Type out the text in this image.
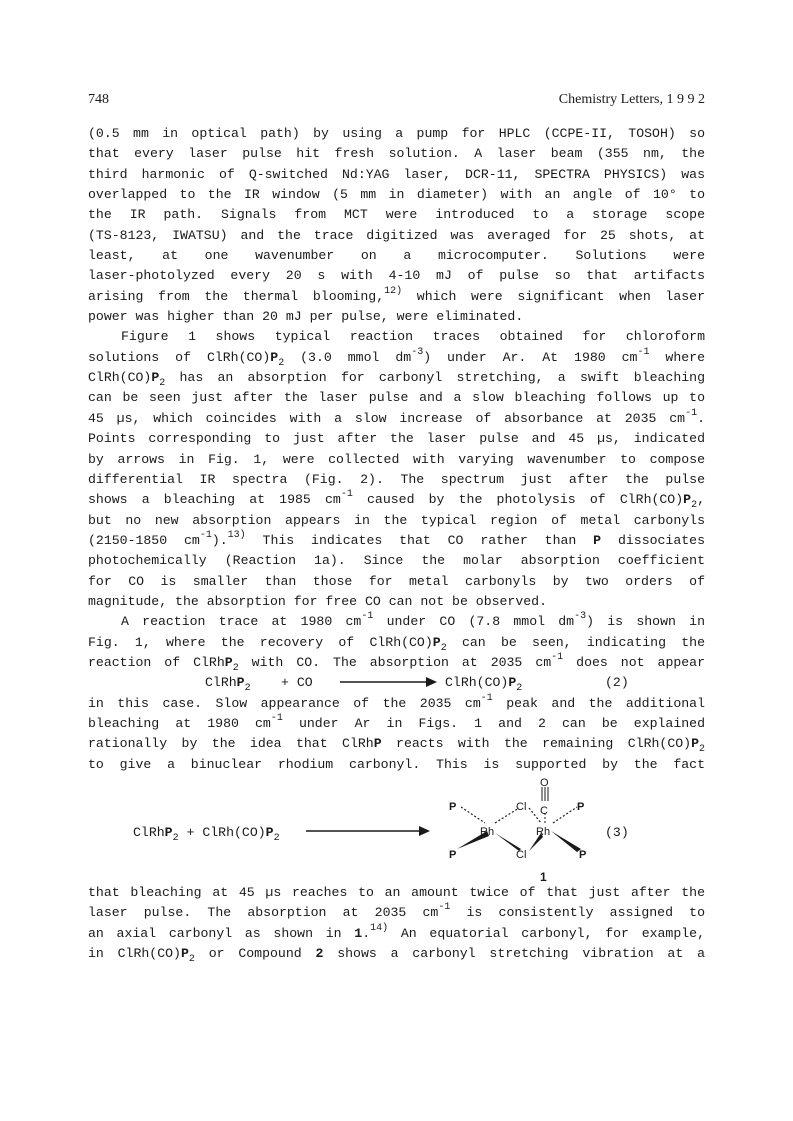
748	Chemistry Letters, 1 9 9 2
(0.5 mm in optical path) by using a pump for HPLC (CCPE-II, TOSOH) so
that every laser pulse hit fresh solution. A laser beam (355 nm, the
third harmonic of Q-switched Nd:YAG laser, DCR-11, SPECTRA PHYSICS) was
overlapped to the IR window (5 mm in diameter) with an angle of 10° to
the IR path. Signals from MCT were introduced to a storage scope
(TS-8123, IWATSU) and the trace digitized was averaged for 25 shots, at
least, at one wavenumber on a microcomputer. Solutions were
laser-photolyzed every 20 s with 4-10 mJ of pulse so that artifacts
arising from the thermal blooming,$^{12)}$ which were significant when laser
power was higher than 20 mJ per pulse, were eliminated.
Figure 1 shows typical reaction traces obtained for chloroform
solutions of $ClRh(CO)P_2$ (3.0 mmol $dm^{-3}$) under Ar. At 1980 $cm^{-1}$ where
$ClRh(CO)P_2$ has an absorption for carbonyl stretching, a swift bleaching
can be seen just after the laser pulse and a slow bleaching follows up to
45 µs, which coincides with a slow increase of absorbance at 2035 $cm^{-1}$.
Points corresponding to just after the laser pulse and 45 µs, indicated
by arrows in Fig. 1, were collected with varying wavenumber to compose
differential IR spectra (Fig. 2). The spectrum just after the pulse
shows a bleaching at 1985 $cm^{-1}$ caused by the photolysis of $ClRh(CO)P_2$,
but no new absorption appears in the typical region of metal carbonyls
(2150-1850 $cm^{-1}).^{13)}$ This indicates that CO rather than P dissociates
photochemically (Reaction 1a). Since the molar absorption coefficient
for CO is smaller than those for metal carbonyls by two orders of
magnitude, the absorption for free CO can not be observed.
A reaction trace at 1980 $cm^{-1}$ under CO (7.8 mmol $dm^{-3}$) is shown in
Fig. 1, where the recovery of $ClRh(CO)P_2$ can be seen, indicating the
reaction of ClRhP$_2$ with CO. The absorption at 2035 $cm^{-1}$ does not appear
ClRhP$_2$ + CO	$ClRh(CO)P_2$	(2)
in this case. Slow appearance of the 2035 $cm^{-1}$ peak and the additional
bleaching at 1980 $cm^{-1}$ under Ar in Figs. 1 and 2 can be explained
rationally by the idea that ClRhP reacts with the remaining $ClRh(CO)P_2$
to give a binuclear rhodium carbonyl. This is supported by the fact
ClRhP$_2$ + $ClRh(CO)P_2$	(3)
O
C
P	Cl	P
Rh	Rh
P	Cl	P
1
that bleaching at 45 µs reaches to an amount twice of that just after the
laser pulse. The absorption at 2035 $cm^{-1}$ is consistently assigned to
an axial carbonyl as shown in 1.$^{14)}$ An equatorial carbonyl, for example,
in $ClRh(CO)P_2$ or Compound 2 shows a carbonyl stretching vibration at a
